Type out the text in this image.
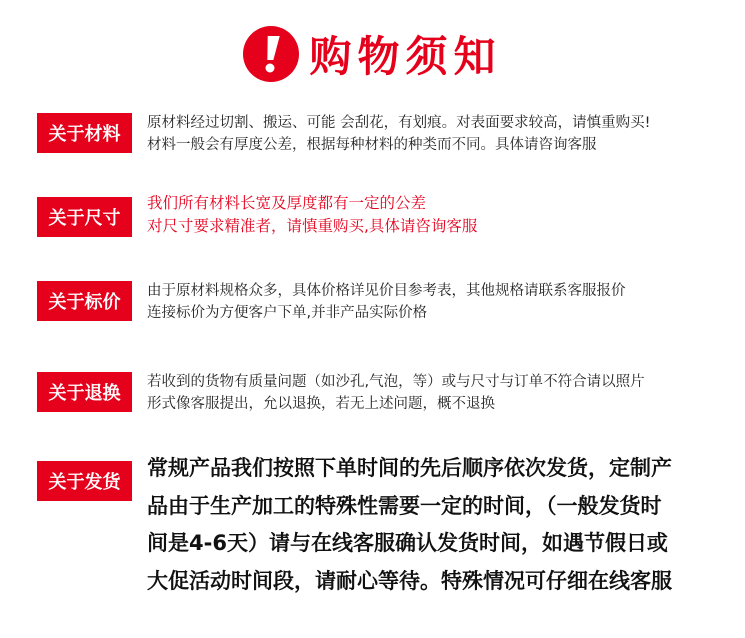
购物须知
关于材料
原材料经过切割、搬运、可能 会刮花，有划痕。对表面要求较高，请慎重购买!
材料一般会有厚度公差，根据每种材料的种类而不同。具体请咨询客服
关于尺寸
我们所有材料长宽及厚度都有一定的公差
对尺寸要求精准者，请慎重购买,具体请咨询客服
关于标价
由于原材料规格众多，具体价格详见价目参考表，其他规格请联系客服报价
连接标价为方便客户下单,并非产品实际价格
关于退换
若收到的货物有质量问题（如沙孔,气泡，等）或与尺寸与订单不符合请以照片
形式像客服提出，允以退换，若无上述问题，概不退换
关于发货
常规产品我们按照下单时间的先后顺序依次发货，定制产
品由于生产加工的特殊性需要一定的时间，（一般发货时
间是4-6天）请与在线客服确认发货时间，如遇节假日或
大促活动时间段，请耐心等待。特殊情况可仔细在线客服
